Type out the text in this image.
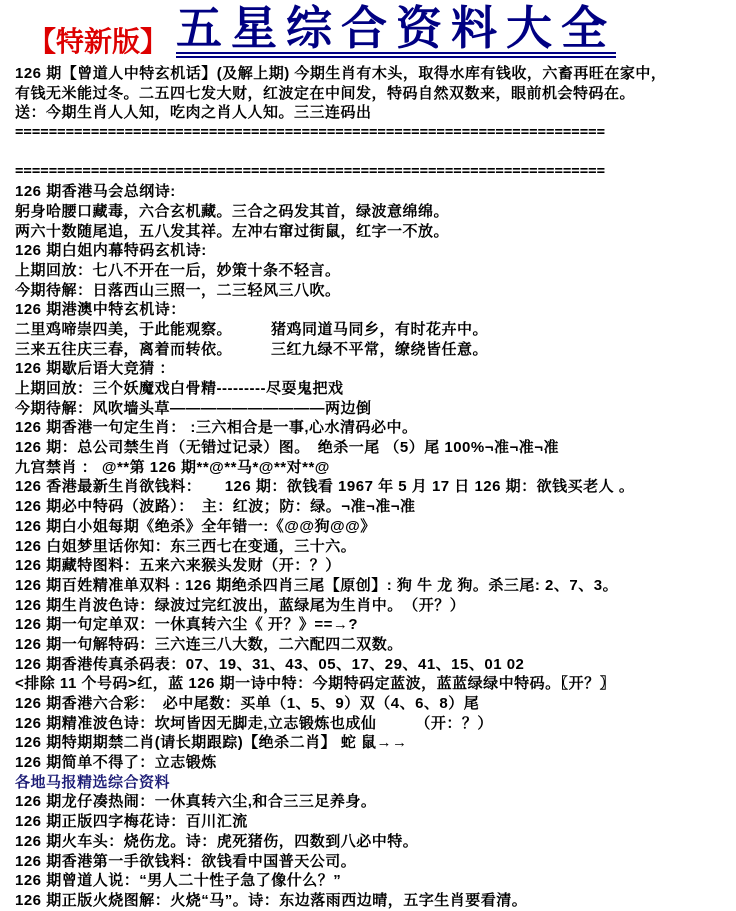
【特新版】 五星综合资料大全
126 期【曾道人中特玄机话】(及解上期) 今期生肖有木头，取得水库有钱收，六畜再旺在家中，
有钱无米能过冬。二五四七发大财，红波定在中间发，特码自然双数来，眼前机会特码在。
送：今期生肖人人知，吃肉之肖人人知。三三连码出
======================================================================
======================================================================
126 期香港马会总纲诗:
躬身哈腰口藏毒，六合玄机藏。三合之码发其首，绿波意绵绵。
两六十数随尾追，五八发其祥。左冲右窜过街鼠，红字一不放。
126 期白姐内幕特码玄机诗:
上期回放：七八不开在一后，妙策十条不轻言。
今期待解：日落西山三照一，二三轻风三八吹。
126 期港澳中特玄机诗：
二里鸡啼崇四美，于此能观察。　　　猪鸡同道马同乡，有时花卉中。
三来五往庆三春，离着而转依。　　　三红九绿不平常，缭绕皆任意。
126 期歇后语大竞猜 ：
上期回放：三个妖魔戏白骨精---------尽耍鬼把戏
今期待解：风吹墙头草——————————两边倒
126 期香港一句定生肖： :三六相合是一事,心水清码必中。
126 期：总公司禁生肖（无错过记录）图。　绝杀一尾 （5）尾 100%¬准¬准¬准
九宫禁肖 ： @**第 126 期**@**马*@**对**@
126 香港最新生肖欲钱料：　　126 期：欲钱看 1967 年 5 月 17 日 126 期：欲钱买老人 。
126 期必中特码（波路）：　主：红波；防：绿。¬准¬准¬准
126 期白小姐每期《绝杀》全年错一:《@@狗@@》
126 白姐梦里话你知：东三西七在变通，三十六。
126 期藏特图料：五来六来猴头发财（开：？）
126 期百姓精准单双料 : 126 期绝杀四肖三尾【原创】: 狗 牛 龙 狗。杀三尾: 2、7、3。
126 期生肖波色诗：绿波过完红波出，蓝绿尾为生肖中。　（开？）
126 期一句定单双：一休真转六尘《 开？》==→?
126 期一句解特码：三六连三八大数，二六配四二双数。
126 期香港传真杀码表：07、19、31、43、05、17、29、41、15、01 02
<排除 11 个号码>红，蓝 126 期一诗中特：今期特码定蓝波，蓝蓝绿绿中特码。〖开？〗
126 期香港六合彩：　必中尾数：买单（1、5、9）双（4、6、8）尾
126 期精准波色诗：坎坷皆因无脚走,立志锻炼也成仙　　　（开：？）
126 期特期期禁二肖(请长期跟踪)【绝杀二肖】 蛇 鼠→→
126 期简单不得了：立志锻炼
各地马报精选综合资料
126 期龙仔凑热闹：一休真转六尘,和合三三足养身。
126 期正版四字梅花诗：百川汇流
126 期火车头：烧伤龙。诗：虎死猪伤，四数到八必中特。
126 期香港第一手欲钱料：欲钱看中国普天公司。
126 期曾道人说：“男人二十性子急了像什么？”
126 期正版火烧图解：火烧“马”。诗：东边落雨西边晴，五字生肖要看清。
